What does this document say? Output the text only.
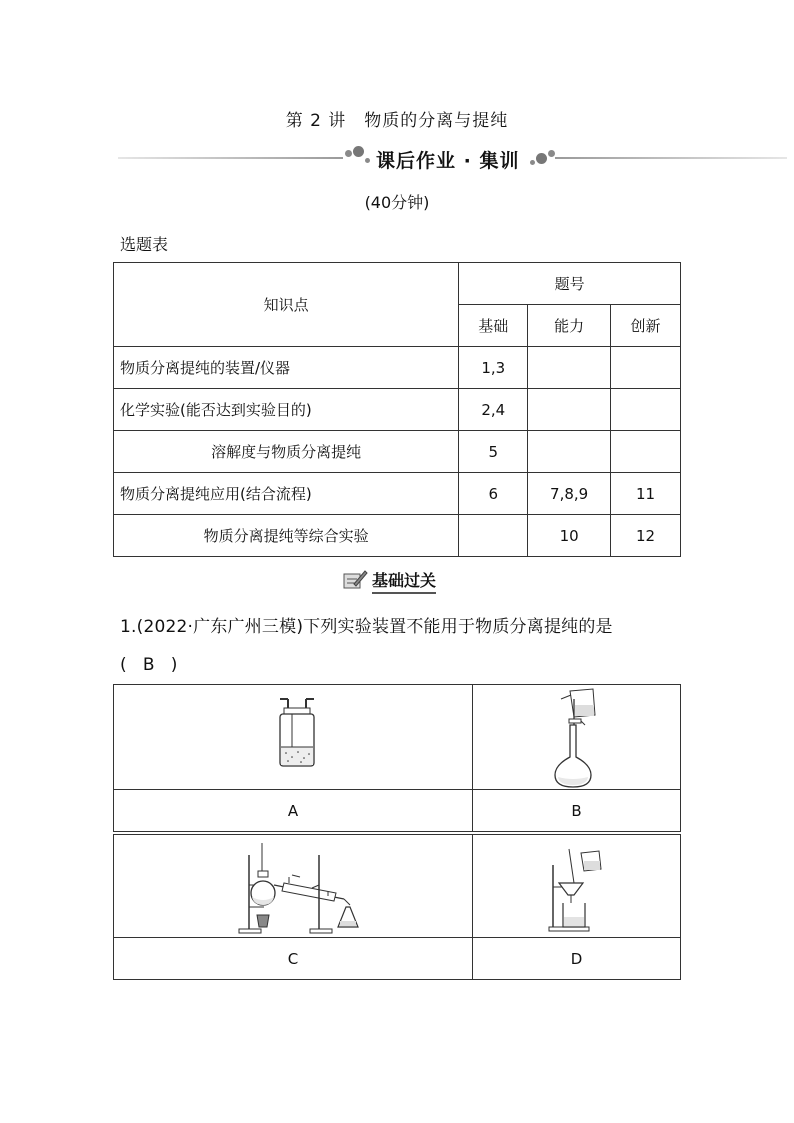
第 2 讲　物质的分离与提纯
课后作业 · 集训
(40分钟)
选题表
知识点	题号		
	基础	能力	创新
物质分离提纯的装置/仪器	1,3		
化学实验(能否达到实验目的)	2,4		
溶解度与物质分离提纯	5		
物质分离提纯应用(结合流程)	6	7,8,9	11
物质分离提纯等综合实验		10	12
基础过关
1.(2022·广东广州三模)下列实验装置不能用于物质分离提纯的是
( B )
A	B
C	D
